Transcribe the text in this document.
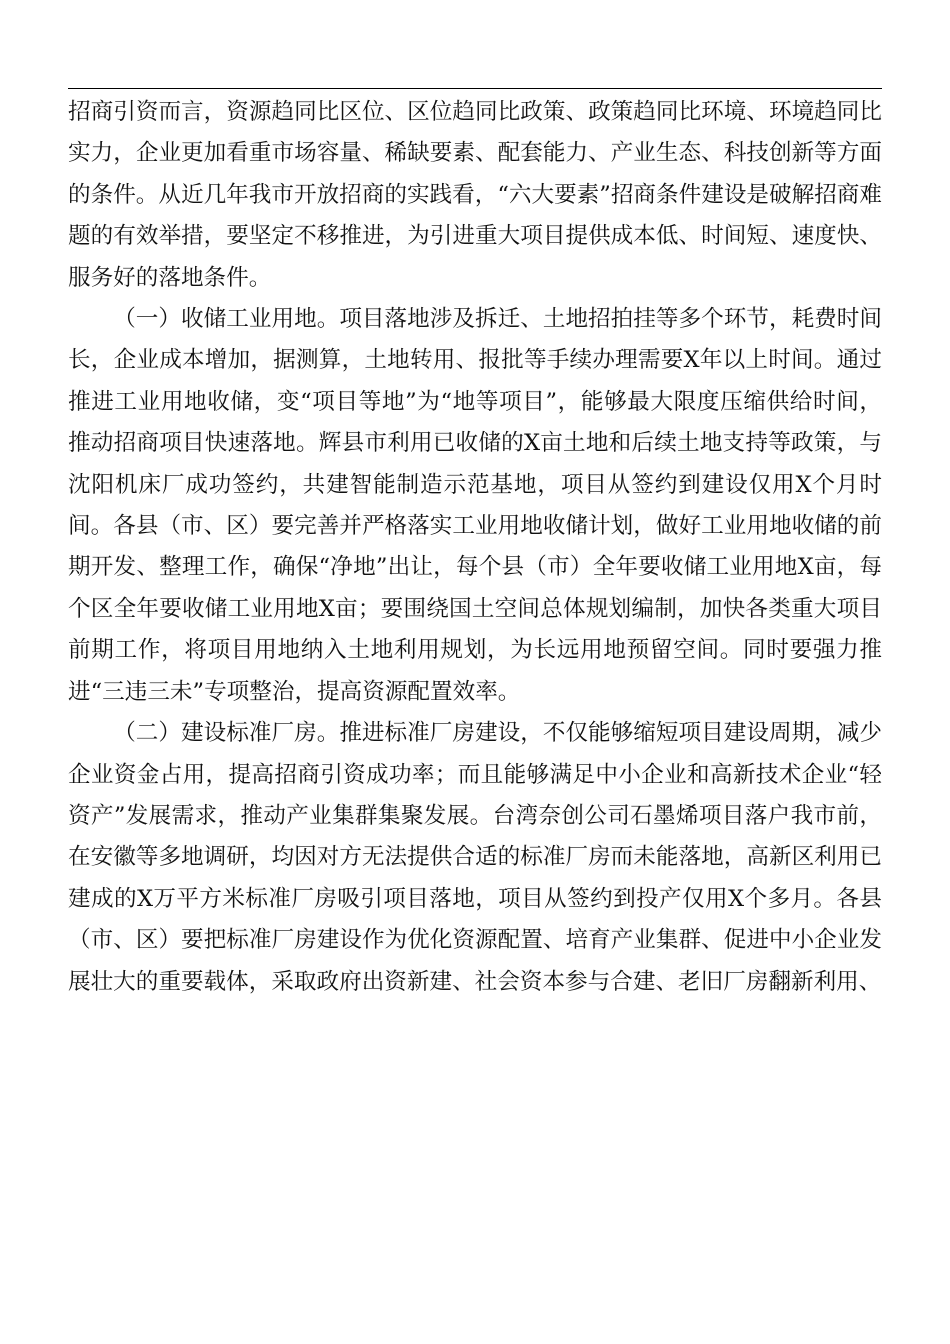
招商引资而言，资源趋同比区位、区位趋同比政策、政策趋同比环境、环境趋同比实力，企业更加看重市场容量、稀缺要素、配套能力、产业生态、科技创新等方面的条件。从近几年我市开放招商的实践看，“六大要素”招商条件建设是破解招商难题的有效举措，要坚定不移推进，为引进重大项目提供成本低、时间短、速度快、服务好的落地条件。

（一）收储工业用地。项目落地涉及拆迁、土地招拍挂等多个环节，耗费时间长，企业成本增加，据测算，土地转用、报批等手续办理需要X年以上时间。通过推进工业用地收储，变“项目等地”为“地等项目”，能够最大限度压缩供给时间，推动招商项目快速落地。辉县市利用已收储的X亩土地和后续土地支持等政策，与沈阳机床厂成功签约，共建智能制造示范基地，项目从签约到建设仅用X个月时间。各县（市、区）要完善并严格落实工业用地收储计划，做好工业用地收储的前期开发、整理工作，确保“净地”出让，每个县（市）全年要收储工业用地X亩，每个区全年要收储工业用地X亩；要围绕国土空间总体规划编制，加快各类重大项目前期工作，将项目用地纳入土地利用规划，为长远用地预留空间。同时要强力推进“三违三未”专项整治，提高资源配置效率。

（二）建设标准厂房。推进标准厂房建设，不仅能够缩短项目建设周期，减少企业资金占用，提高招商引资成功率；而且能够满足中小企业和高新技术企业“轻资产”发展需求，推动产业集群集聚发展。台湾奈创公司石墨烯项目落户我市前，在安徽等多地调研，均因对方无法提供合适的标准厂房而未能落地，高新区利用已建成的X万平方米标准厂房吸引项目落地，项目从签约到投产仅用X个多月。各县（市、区）要把标准厂房建设作为优化资源配置、培育产业集群、促进中小企业发展壮大的重要载体，采取政府出资新建、社会资本参与合建、老旧厂房翻新利用、
